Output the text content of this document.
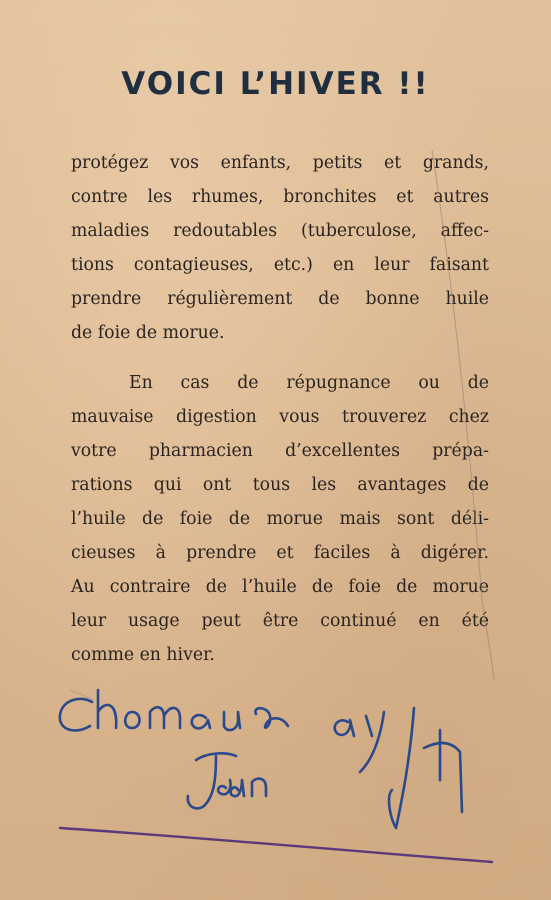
VOICI L’HIVER !!
protégez vos enfants, petits et grands,
contre les rhumes, bronchites et autres
maladies redoutables (tuberculose, affec-
tions contagieuses, etc.) en leur faisant
prendre régulièrement de bonne huile
de foie de morue.
En cas de répugnance ou de
mauvaise digestion vous trouverez chez
votre pharmacien d’excellentes prépa-
rations qui ont tous les avantages de
l’huile de foie de morue mais sont déli-
cieuses à prendre et faciles à digérer.
Au contraire de l’huile de foie de morue
leur usage peut être continué en été
comme en hiver.
